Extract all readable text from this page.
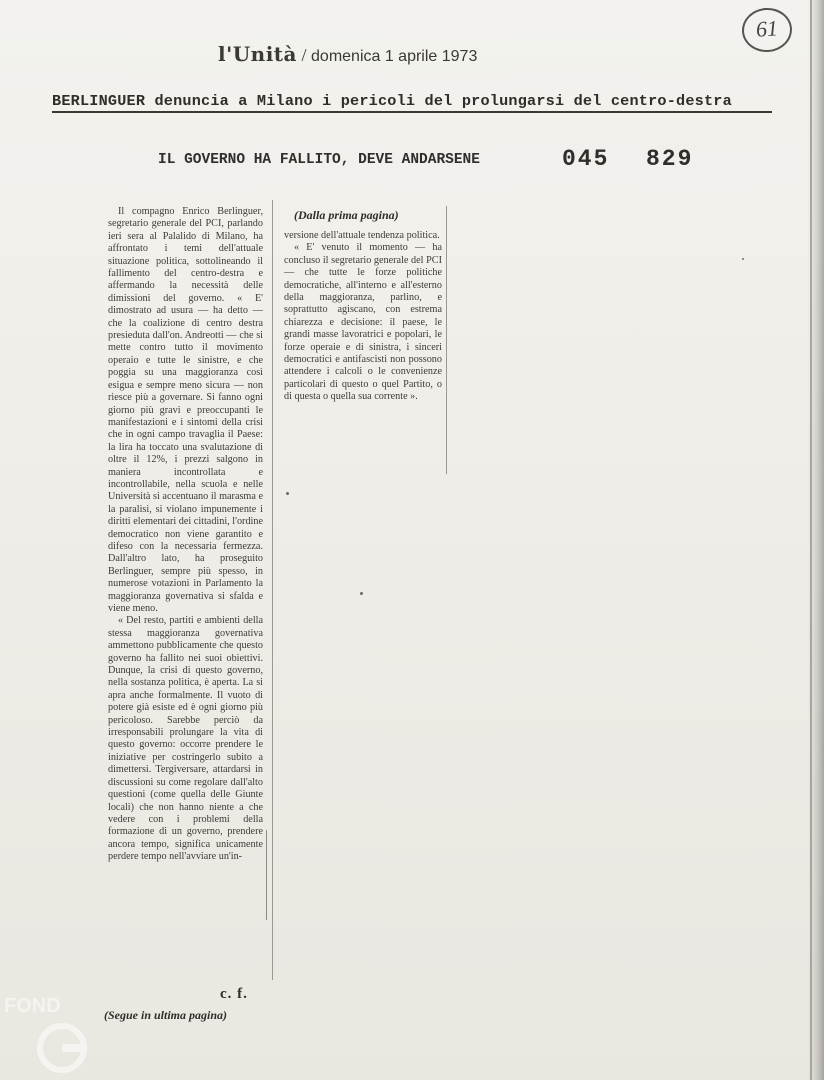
61
l'Unità / domenica 1 aprile 1973
BERLINGUER denuncia a Milano i pericoli del prolungarsi del centro-destra
IL GOVERNO HA FALLITO, DEVE ANDARSENE	045 829

Il compagno Enrico Berlinguer, segretario generale del PCI, parlando ieri sera al Palalido di Milano, ha affrontato i temi dell'attuale situazione politica, sottolineando il fallimento del centro-destra e affermando la necessità delle dimissioni del governo. « E' dimostrato ad usura — ha detto — che la coalizione di centro destra presieduta dall'on. Andreotti — che si mette contro tutto il movimento operaio e tutte le sinistre, e che poggia su una maggioranza così esigua e sempre meno sicura — non riesce più a governare. Si fanno ogni giorno più gravi e preoccupanti le manifestazioni e i sintomi della crisi che in ogni campo travaglia il Paese: la lira ha toccato una svalutazione di oltre il 12%, i prezzi salgono in maniera incontrollata e incontrollabile, nella scuola e nelle Università si accentuano il marasma e la paralisi, si violano impunemente i diritti elementari dei cittadini, l'ordine democratico non viene garantito e difeso con la necessaria fermezza. Dall'altro lato, ha proseguito Berlinguer, sempre più spesso, in numerose votazioni in Parlamento la maggioranza governativa si sfalda e viene meno.

« Del resto, partiti e ambienti della stessa maggioranza governativa ammettono pubblicamente che questo governo ha fallito nei suoi obiettivi. Dunque, la crisi di questo governo, nella sostanza politica, è aperta. La si apra anche formalmente. Il vuoto di potere già esiste ed è ogni giorno più pericoloso. Sarebbe perciò da irresponsabili prolungare la vita di questo governo: occorre prendere le iniziative per costringerlo subito a dimettersi. Tergiversare, attardarsi in discussioni su come regolare dall'alto questioni (come quella delle Giunte locali) che non hanno niente a che vedere con i problemi della formazione di un governo, prendere ancora tempo, significa unicamente perdere tempo nell'avviare un'in-

(Dalla prima pagina)

versione dell'attuale tendenza politica.

« E' venuto il momento — ha concluso il segretario generale del PCI — che tutte le forze politiche democratiche, all'interno e all'esterno della maggioranza, parlino, e soprattutto agiscano, con estrema chiarezza e decisione: il paese, le grandi masse lavoratrici e popolari, le forze operaie e di sinistra, i sinceri democratici e antifascisti non possono attendere i calcoli o le convenienze particolari di questo o quel Partito, o di questa o quella sua corrente ».

c. f.
(Segue in ultima pagina)
FOND
